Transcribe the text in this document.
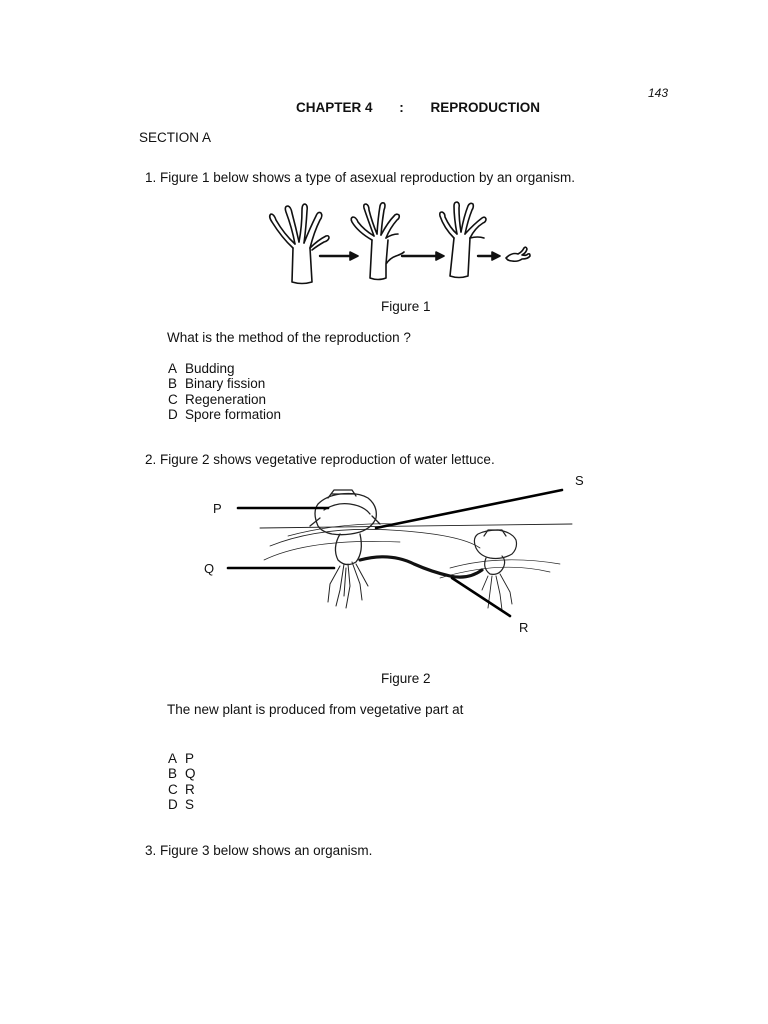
143
CHAPTER 4 : REPRODUCTION
SECTION A
1. Figure 1 below shows a type of asexual reproduction by an organism.
Figure 1
What is the method of the reproduction ?
A Budding
B Binary fission
C Regeneration
D Spore formation
2. Figure 2 shows vegetative reproduction of water lettuce.
P
Q
S
R
Figure 2
The new plant is produced from vegetative part at
A P
B Q
C R
D S
3. Figure 3 below shows an organism.
